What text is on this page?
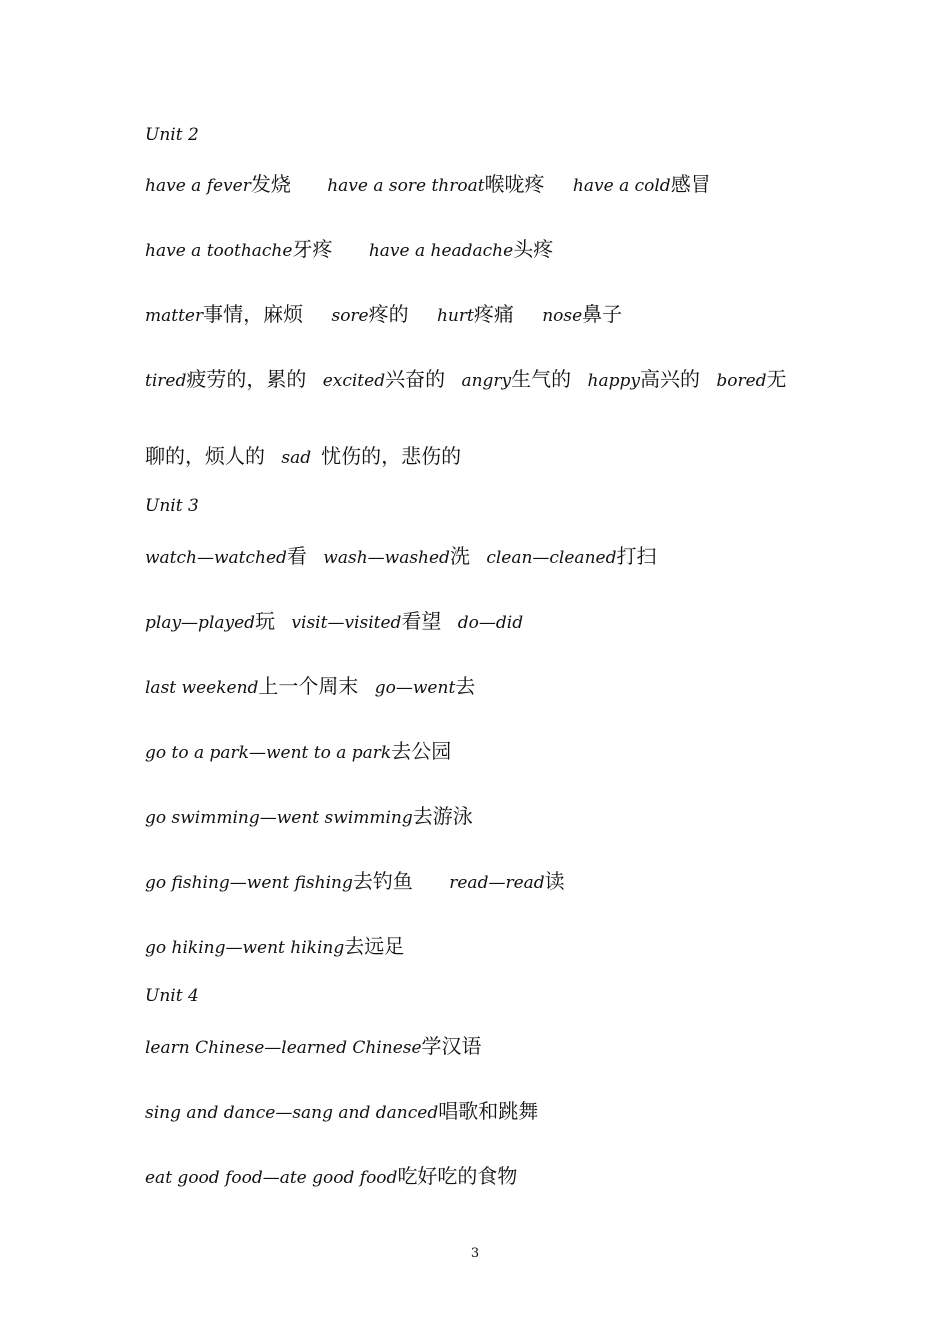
Unit 2
have a fever发烧 have a sore throat喉咙疼 have a cold感冒
have a toothache牙疼 have a headache头疼
matter事情，麻烦 sore疼的 hurt疼痛 nose鼻子
tired疲劳的，累的 excited兴奋的 angry生气的 happy高兴的 bored无
聊的，烦人的 sad 忧伤的，悲伤的
Unit 3
watch—watched看 wash—washed洗 clean—cleaned打扫
play—played玩 visit—visited看望 do—did
last weekend上一个周末 go—went去
go to a park—went to a park去公园
go swimming—went swimming去游泳
go fishing—went fishing去钓鱼 read—read读
go hiking—went hiking去远足
Unit 4
learn Chinese—learned Chinese学汉语
sing and dance—sang and danced唱歌和跳舞
eat good food—ate good food吃好吃的食物
3
